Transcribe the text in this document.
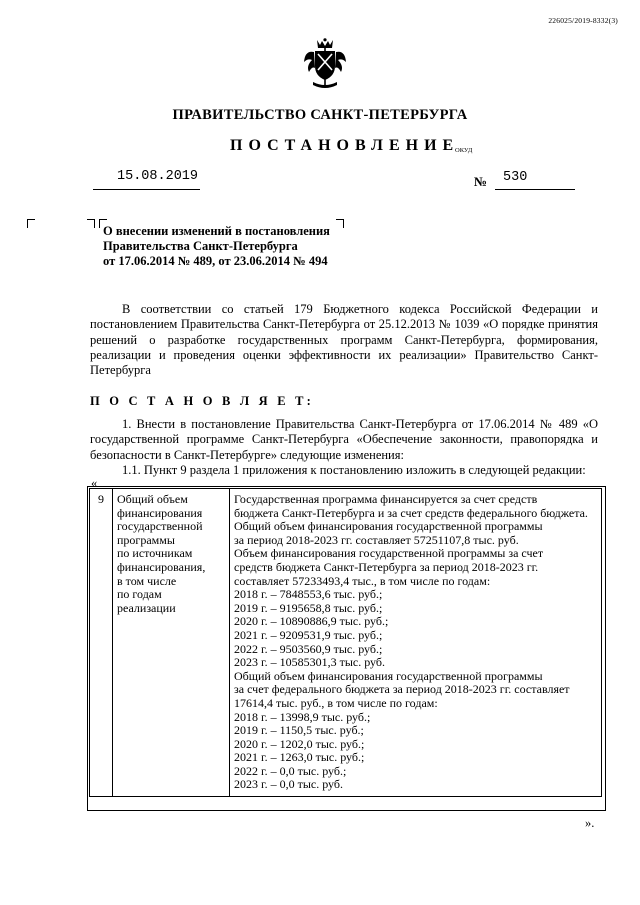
226025/2019-8332(3)
ПРАВИТЕЛЬСТВО САНКТ-ПЕТЕРБУРГА
ПОСТАНОВЛЕНИЕ
ОКУД
15.08.2019	№ 530
О внесении изменений в постановления
Правительства Санкт-Петербурга
от 17.06.2014 № 489, от 23.06.2014 № 494
В соответствии со статьей 179 Бюджетного кодекса Российской Федерации и постановлением Правительства Санкт-Петербурга от 25.12.2013 № 1039 «О порядке принятия решений о разработке государственных программ Санкт-Петербурга, формирования, реализации и проведения оценки эффективности их реализации» Правительство Санкт-Петербурга
П О С Т А Н О В Л Я Е Т:
1. Внести в постановление Правительства Санкт-Петербурга от 17.06.2014 № 489 «О государственной программе Санкт-Петербурга «Обеспечение законности, правопорядка и безопасности в Санкт-Петербурге» следующие изменения:
1.1. Пункт 9 раздела 1 приложения к постановлению изложить в следующей редакции:
«
9	Общий объем
финансирования
государственной
программы
по источникам
финансирования,
в том числе
по годам
реализации

Государственная программа финансируется за счет средств
бюджета Санкт-Петербурга и за счет средств федерального бюджета.
Общий объем финансирования государственной программы
за период 2018-2023 гг. составляет 57251107,8 тыс. руб.
Объем финансирования государственной программы за счет
средств бюджета Санкт-Петербурга за период 2018-2023 гг.
составляет 57233493,4 тыс., в том числе по годам:
2018 г. – 7848553,6 тыс. руб.;
2019 г. – 9195658,8 тыс. руб.;
2020 г. – 10890886,9 тыс. руб.;
2021 г. – 9209531,9 тыс. руб.;
2022 г. – 9503560,9 тыс. руб.;
2023 г. – 10585301,3 тыс. руб.
Общий объем финансирования государственной программы
за счет федерального бюджета за период 2018-2023 гг. составляет
17614,4 тыс. руб., в том числе по годам:
2018 г. – 13998,9 тыс. руб.;
2019 г. – 1150,5 тыс. руб.;
2020 г. – 1202,0 тыс. руб.;
2021 г. – 1263,0 тыс. руб.;
2022 г. – 0,0 тыс. руб.;
2023 г. – 0,0 тыс. руб.
».
